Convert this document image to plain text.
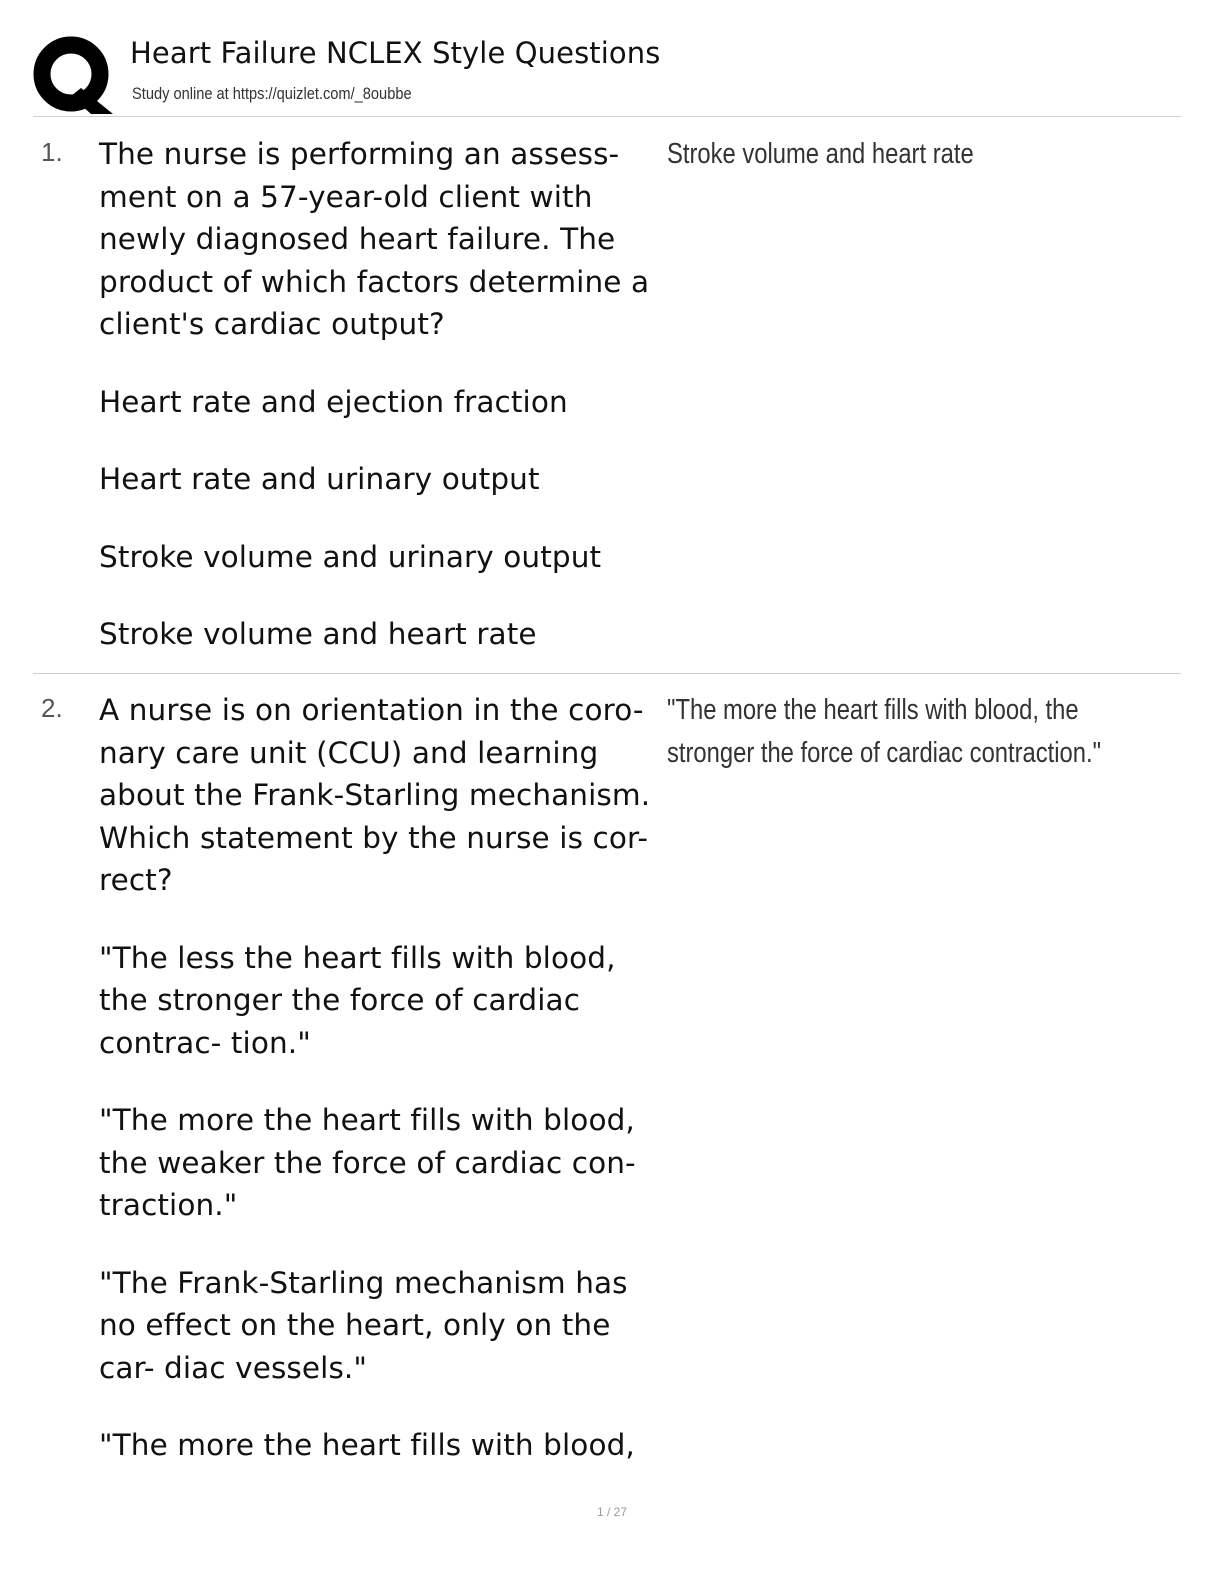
Heart Failure NCLEX Style Questions
Study online at https://quizlet.com/_8oubbe
1. The nurse is performing an assess- ment on a 57-year-old client with newly diagnosed heart failure. The product of which factors determine a client's cardiac output?

Heart rate and ejection fraction

Heart rate and urinary output

Stroke volume and urinary output

Stroke volume and heart rate

Stroke volume and heart rate
2. A nurse is on orientation in the coro- nary care unit (CCU) and learning about the Frank-Starling mechanism. Which statement by the nurse is cor- rect?

"The less the heart fills with blood, the stronger the force of cardiac contrac- tion."

"The more the heart fills with blood, the weaker the force of cardiac con- traction."

"The Frank-Starling mechanism has no effect on the heart, only on the car- diac vessels."

"The more the heart fills with blood,

"The more the heart fills with blood, the stronger the force of cardiac contraction."
1 / 27
